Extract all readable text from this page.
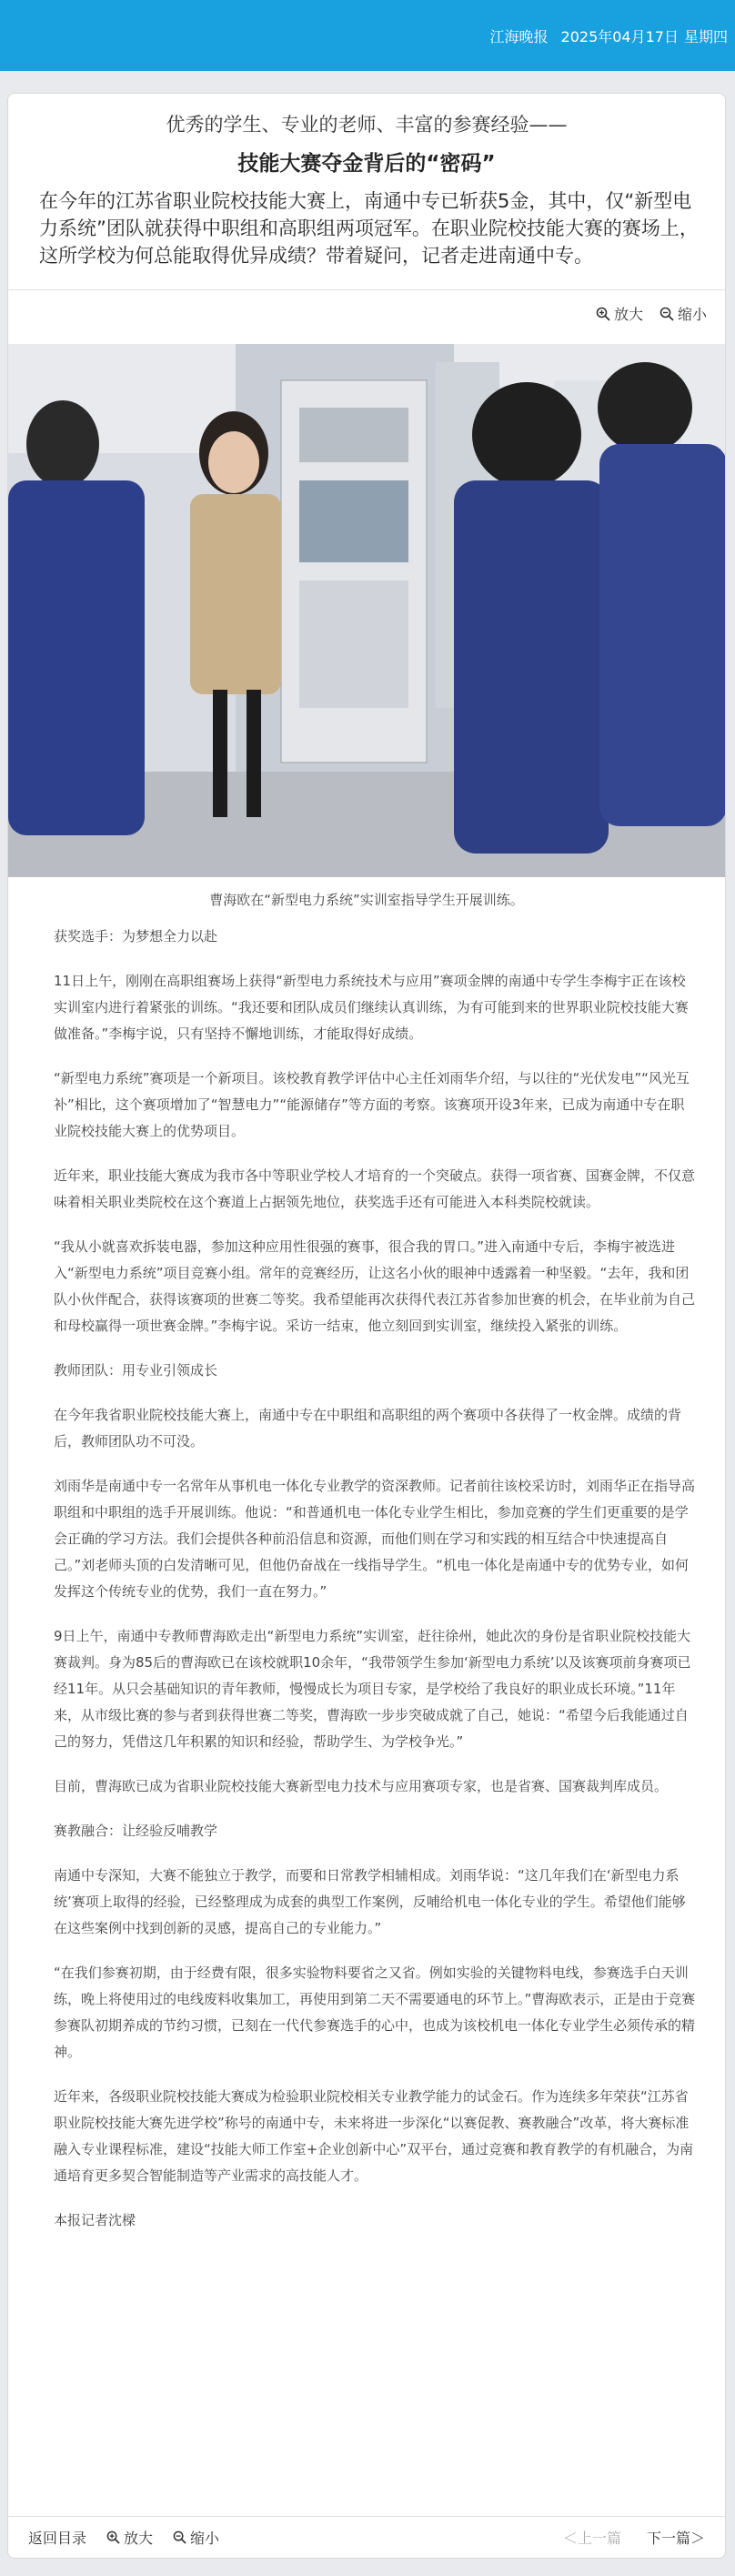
江海晚报 2025年04月17日 星期四
优秀的学生、专业的老师、丰富的参赛经验——
技能大赛夺金背后的“密码”
在今年的江苏省职业院校技能大赛上，南通中专已斩获5金，其中，仅“新型电力系统”团队就获得中职组和高职组两项冠军。在职业院校技能大赛的赛场上，这所学校为何总能取得优异成绩？带着疑问，记者走进南通中专。
放大 缩小
曹海欧在“新型电力系统”实训室指导学生开展训练。

获奖选手：为梦想全力以赴

11日上午，刚刚在高职组赛场上获得“新型电力系统技术与应用”赛项金牌的南通中专学生李梅宇正在该校实训室内进行着紧张的训练。“我还要和团队成员们继续认真训练，为有可能到来的世界职业院校技能大赛做准备。”李梅宇说，只有坚持不懈地训练，才能取得好成绩。

“新型电力系统”赛项是一个新项目。该校教育教学评估中心主任刘雨华介绍，与以往的“光伏发电”“风光互补”相比，这个赛项增加了“智慧电力”“能源储存”等方面的考察。该赛项开设3年来，已成为南通中专在职业院校技能大赛上的优势项目。

近年来，职业技能大赛成为我市各中等职业学校人才培育的一个突破点。获得一项省赛、国赛金牌，不仅意味着相关职业类院校在这个赛道上占据领先地位，获奖选手还有可能进入本科类院校就读。

“我从小就喜欢拆装电器，参加这种应用性很强的赛事，很合我的胃口。”进入南通中专后，李梅宇被选进入“新型电力系统”项目竞赛小组。常年的竞赛经历，让这名小伙的眼神中透露着一种坚毅。“去年，我和团队小伙伴配合，获得该赛项的世赛二等奖。我希望能再次获得代表江苏省参加世赛的机会，在毕业前为自己和母校赢得一项世赛金牌。”李梅宇说。采访一结束，他立刻回到实训室，继续投入紧张的训练。

教师团队：用专业引领成长

在今年我省职业院校技能大赛上，南通中专在中职组和高职组的两个赛项中各获得了一枚金牌。成绩的背后，教师团队功不可没。

刘雨华是南通中专一名常年从事机电一体化专业教学的资深教师。记者前往该校采访时，刘雨华正在指导高职组和中职组的选手开展训练。他说：“和普通机电一体化专业学生相比，参加竞赛的学生们更重要的是学会正确的学习方法。我们会提供各种前沿信息和资源，而他们则在学习和实践的相互结合中快速提高自己。”刘老师头顶的白发清晰可见，但他仍奋战在一线指导学生。“机电一体化是南通中专的优势专业，如何发挥这个传统专业的优势，我们一直在努力。”

9日上午，南通中专教师曹海欧走出“新型电力系统”实训室，赶往徐州，她此次的身份是省职业院校技能大赛裁判。身为85后的曹海欧已在该校就职10余年，“我带领学生参加‘新型电力系统’以及该赛项前身赛项已经11年。从只会基础知识的青年教师，慢慢成长为项目专家，是学校给了我良好的职业成长环境。”11年来，从市级比赛的参与者到获得世赛二等奖，曹海欧一步步突破成就了自己，她说：“希望今后我能通过自己的努力，凭借这几年积累的知识和经验，帮助学生、为学校争光。”

目前，曹海欧已成为省职业院校技能大赛新型电力技术与应用赛项专家，也是省赛、国赛裁判库成员。

赛教融合：让经验反哺教学

南通中专深知，大赛不能独立于教学，而要和日常教学相辅相成。刘雨华说：“这几年我们在‘新型电力系统’赛项上取得的经验，已经整理成为成套的典型工作案例，反哺给机电一体化专业的学生。希望他们能够在这些案例中找到创新的灵感，提高自己的专业能力。”

“在我们参赛初期，由于经费有限，很多实验物料要省之又省。例如实验的关键物料电线，参赛选手白天训练，晚上将使用过的电线废料收集加工，再使用到第二天不需要通电的环节上。”曹海欧表示，正是由于竞赛参赛队初期养成的节约习惯，已刻在一代代参赛选手的心中，也成为该校机电一体化专业学生必须传承的精神。

近年来，各级职业院校技能大赛成为检验职业院校相关专业教学能力的试金石。作为连续多年荣获“江苏省职业院校技能大赛先进学校”称号的南通中专，未来将进一步深化“以赛促教、赛教融合”改革，将大赛标准融入专业课程标准，建设“技能大师工作室+企业创新中心”双平台，通过竞赛和教育教学的有机融合，为南通培育更多契合智能制造等产业需求的高技能人才。

本报记者沈樑

返回目录	放大	缩小	＜上一篇 下一篇＞
